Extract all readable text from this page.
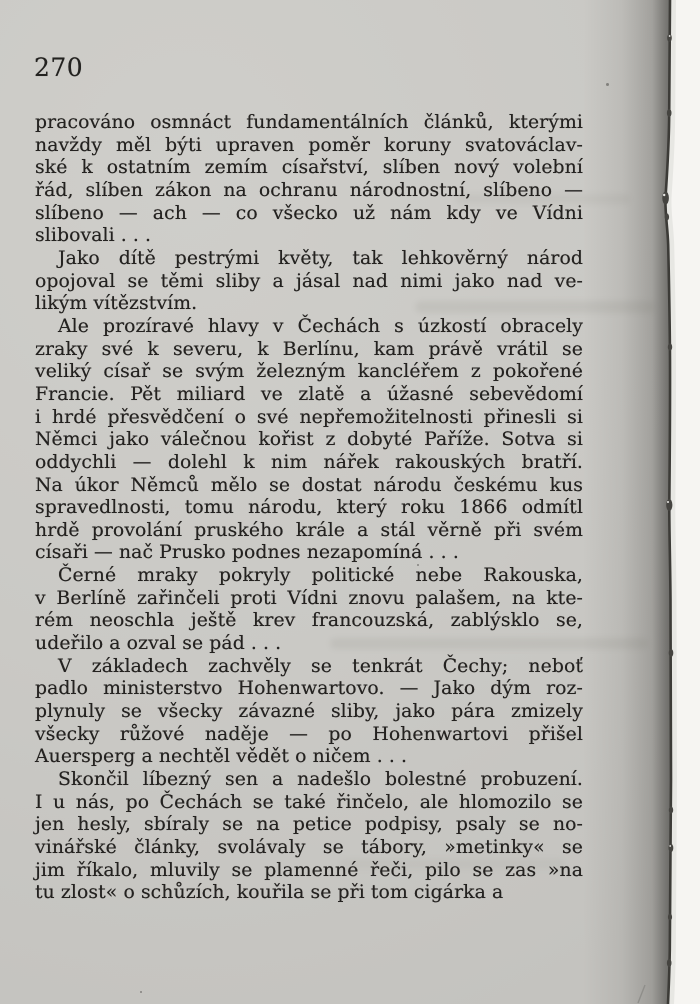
270
pracováno osmnáct fundamentálních článků, kterými
navždy měl býti upraven poměr koruny svatováclav-
ské k ostatním zemím císařství, slíben nový volební
řád, slíben zákon na ochranu národnostní, slíbeno —
slíbeno — ach — co všecko už nám kdy ve Vídni
slibovali . . .
Jako dítě pestrými květy, tak lehkověrný národ
opojoval se těmi sliby a jásal nad nimi jako nad ve-
likým vítězstvím.
Ale prozíravé hlavy v Čechách s úzkostí obracely
zraky své k severu, k Berlínu, kam právě vrátil se
veliký císař se svým železným kancléřem z pokořené
Francie. Pět miliard ve zlatě a úžasné sebevědomí
i hrdé přesvědčení o své nepřemožitelnosti přinesli si
Němci jako válečnou kořist z dobyté Paříže. Sotva si
oddychli — dolehl k nim nářek rakouských bratří.
Na úkor Němců mělo se dostat národu českému kus
spravedlnosti, tomu národu, který roku 1866 odmítl
hrdě provolání pruského krále a stál věrně při svém
císaři — nač Prusko podnes nezapomíná . . .
Černé mraky pokryly politické nebe Rakouska,
v Berlíně zařinčeli proti Vídni znovu palašem, na kte-
rém neoschla ještě krev francouzská, zablýsklo se,
udeřilo a ozval se pád . . .
V základech zachvěly se tenkrát Čechy; neboť
padlo ministerstvo Hohenwartovo. — Jako dým roz-
plynuly se všecky závazné sliby, jako pára zmizely
všecky růžové naděje — po Hohenwartovi přišel
Auersperg a nechtěl vědět o ničem . . .
Skončil líbezný sen a nadešlo bolestné probuzení.
I u nás, po Čechách se také řinčelo, ale hlomozilo se
jen hesly, sbíraly se na petice podpisy, psaly se no-
vinářské články, svolávaly se tábory, »metinky« se
jim říkalo, mluvily se plamenné řeči, pilo se zas »na
tu zlost« o schůzích, kouřila se při tom cigárka a
